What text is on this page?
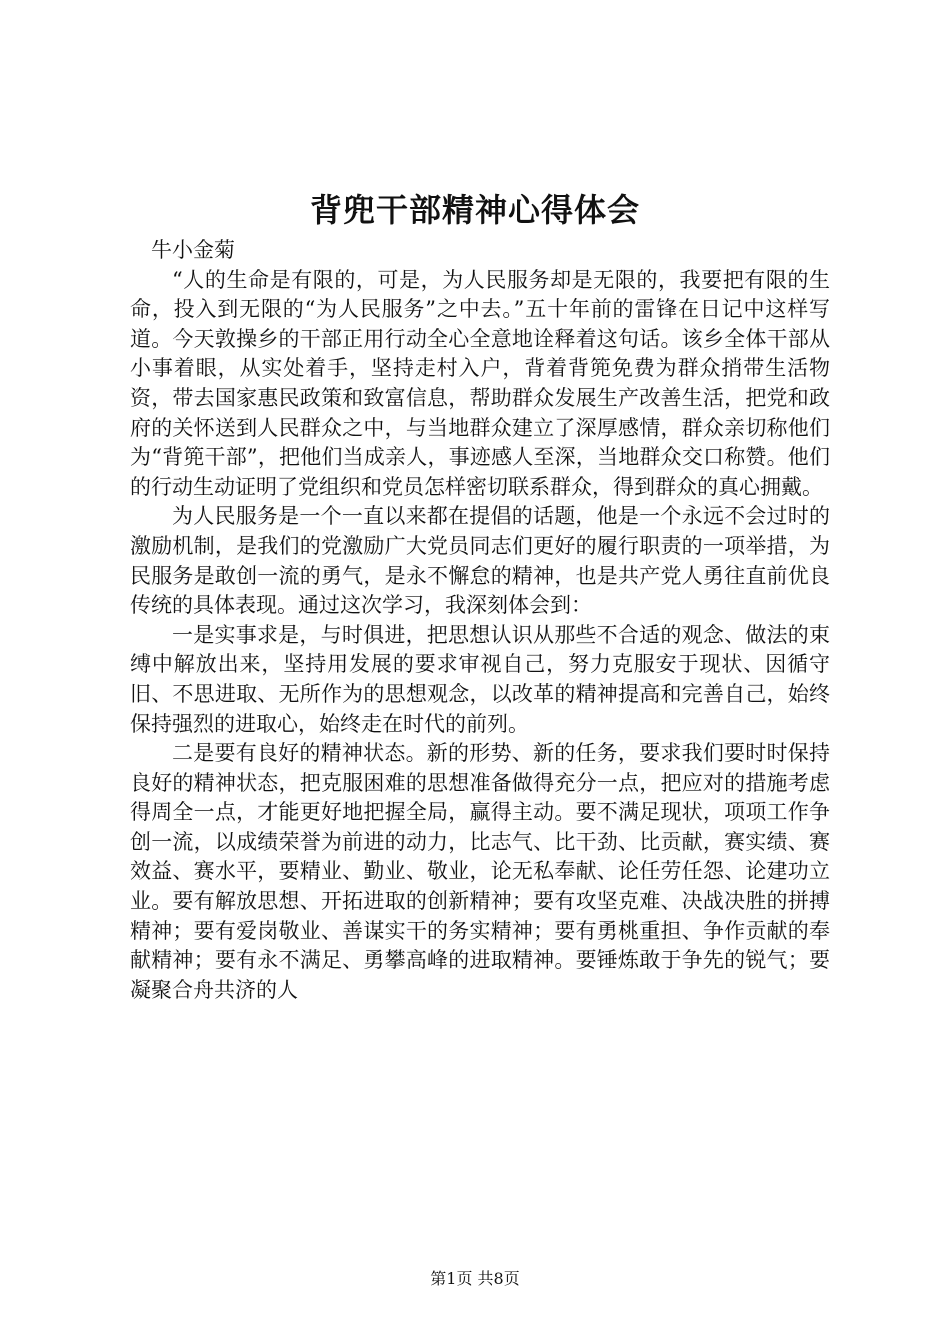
背兜干部精神心得体会

牛小金菊

“人的生命是有限的，可是，为人民服务却是无限的，我要把有限的生命，投入到无限的“为人民服务”之中去。”五十年前的雷锋在日记中这样写道。今天敦操乡的干部正用行动全心全意地诠释着这句话。该乡全体干部从小事着眼，从实处着手，坚持走村入户，背着背篼免费为群众捎带生活物资，带去国家惠民政策和致富信息，帮助群众发展生产改善生活，把党和政府的关怀送到人民群众之中，与当地群众建立了深厚感情，群众亲切称他们为“背篼干部”，把他们当成亲人，事迹感人至深，当地群众交口称赞。他们的行动生动证明了党组织和党员怎样密切联系群众，得到群众的真心拥戴。

为人民服务是一个一直以来都在提倡的话题，他是一个永远不会过时的激励机制，是我们的党激励广大党员同志们更好的履行职责的一项举措，为民服务是敢创一流的勇气，是永不懈怠的精神，也是共产党人勇往直前优良传统的具体表现。通过这次学习，我深刻体会到：

一是实事求是，与时俱进，把思想认识从那些不合适的观念、做法的束缚中解放出来，坚持用发展的要求审视自己，努力克服安于现状、因循守旧、不思进取、无所作为的思想观念，以改革的精神提高和完善自己，始终保持强烈的进取心，始终走在时代的前列。

二是要有良好的精神状态。新的形势、新的任务，要求我们要时时保持良好的精神状态，把克服困难的思想准备做得充分一点，把应对的措施考虑得周全一点，才能更好地把握全局，赢得主动。要不满足现状，项项工作争创一流，以成绩荣誉为前进的动力，比志气、比干劲、比贡献，赛实绩、赛效益、赛水平，要精业、勤业、敬业，论无私奉献、论任劳任怨、论建功立业。要有解放思想、开拓进取的创新精神；要有攻坚克难、决战决胜的拼搏精神；要有爱岗敬业、善谋实干的务实精神；要有勇桃重担、争作贡献的奉献精神；要有永不满足、勇攀高峰的进取精神。要锤炼敢于争先的锐气；要凝聚合舟共济的人

第1页 共8页
